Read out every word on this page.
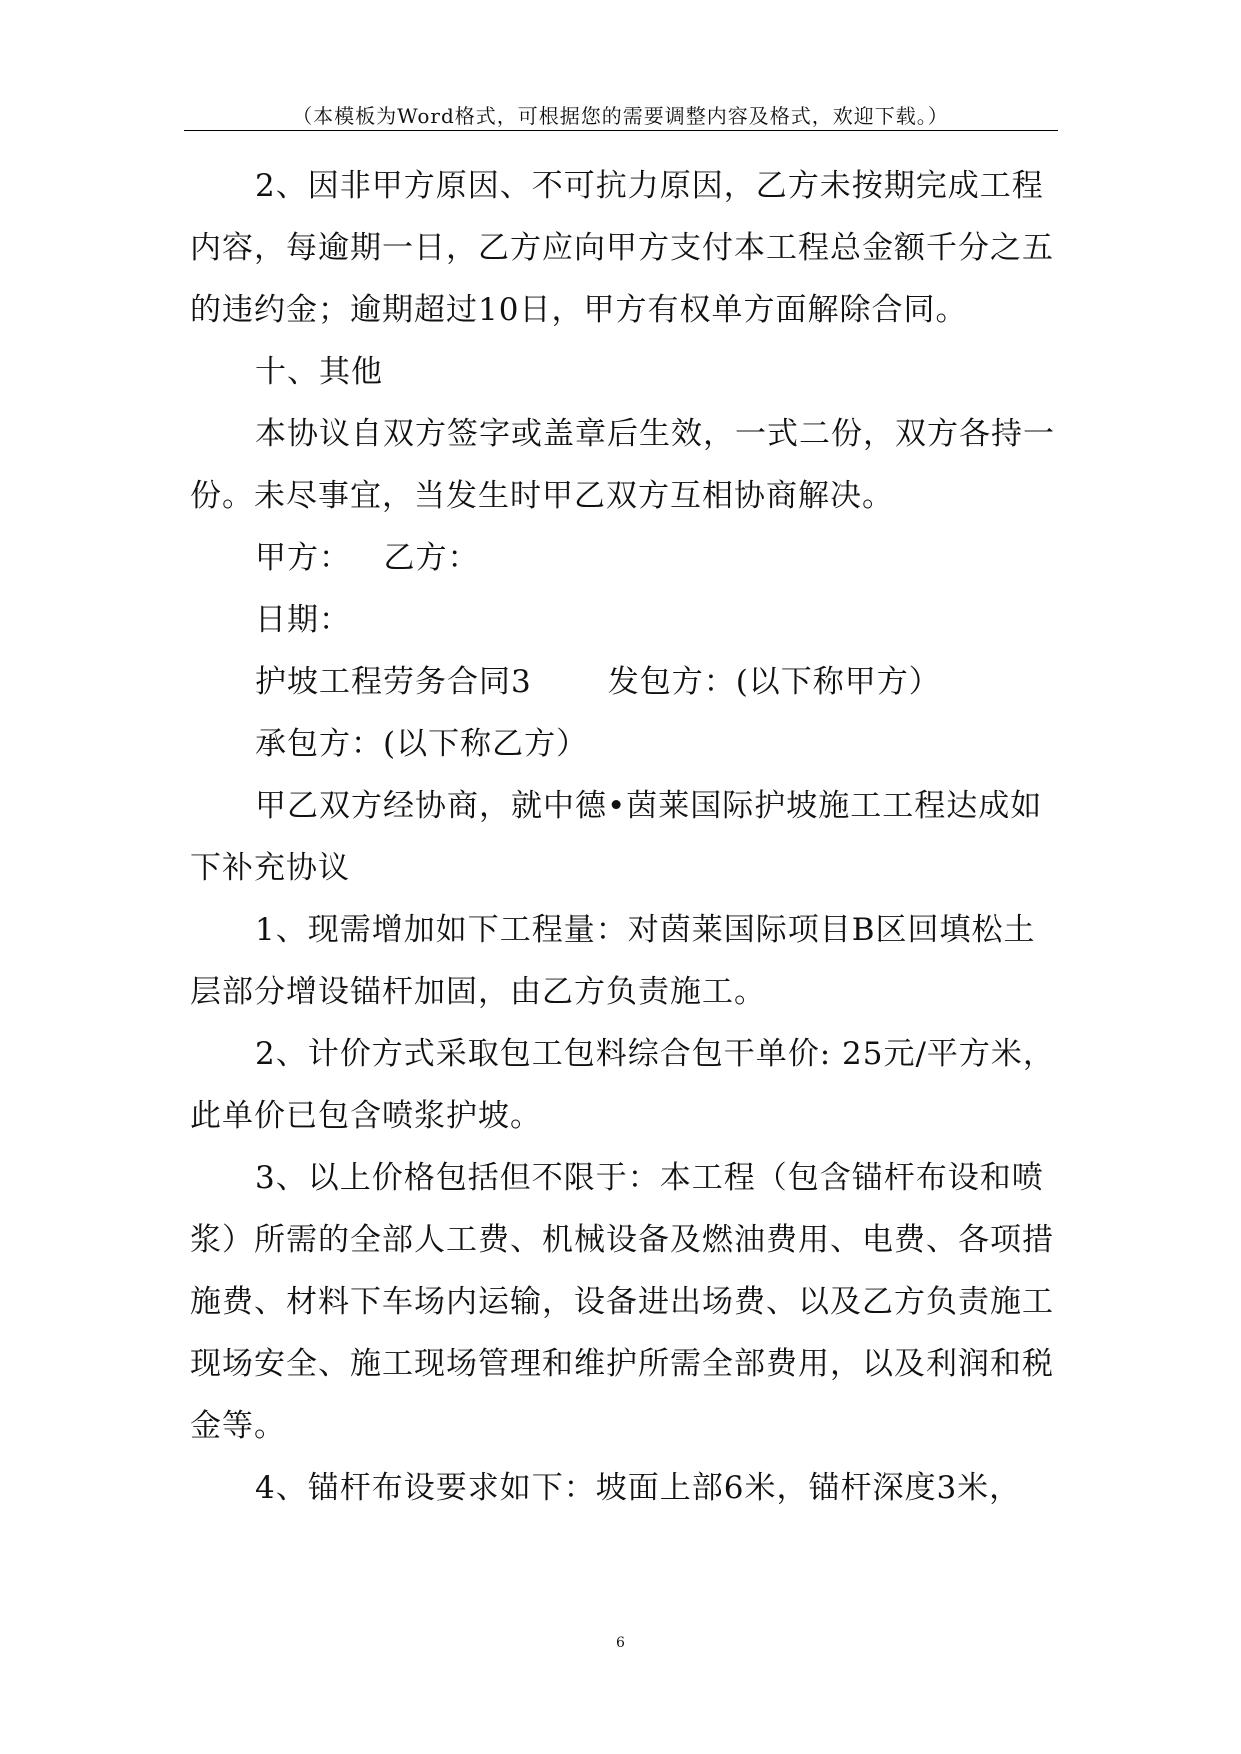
（本模板为Word格式，可根据您的需要调整内容及格式，欢迎下载。）

2、因非甲方原因、不可抗力原因，乙方未按期完成工程内容，每逾期一日，乙方应向甲方支付本工程总金额千分之五的违约金；逾期超过10日，甲方有权单方面解除合同。

十、其他

本协议自双方签字或盖章后生效，一式二份，双方各持一份。未尽事宜，当发生时甲乙双方互相协商解决。

甲方：   乙方：

日期：

护坡工程劳务合同3       发包方：(以下称甲方）

承包方：(以下称乙方）

甲乙双方经协商，就中德•茵莱国际护坡施工工程达成如下补充协议

1、现需增加如下工程量：对茵莱国际项目B区回填松土层部分增设锚杆加固，由乙方负责施工。

2、计价方式采取包工包料综合包干单价: 25元/平方米，此单价已包含喷浆护坡。

3、以上价格包括但不限于：本工程（包含锚杆布设和喷浆）所需的全部人工费、机械设备及燃油费用、电费、各项措施费、材料下车场内运输，设备进出场费、以及乙方负责施工现场安全、施工现场管理和维护所需全部费用，以及利润和税金等。

4、锚杆布设要求如下：坡面上部6米，锚杆深度3米，

6
